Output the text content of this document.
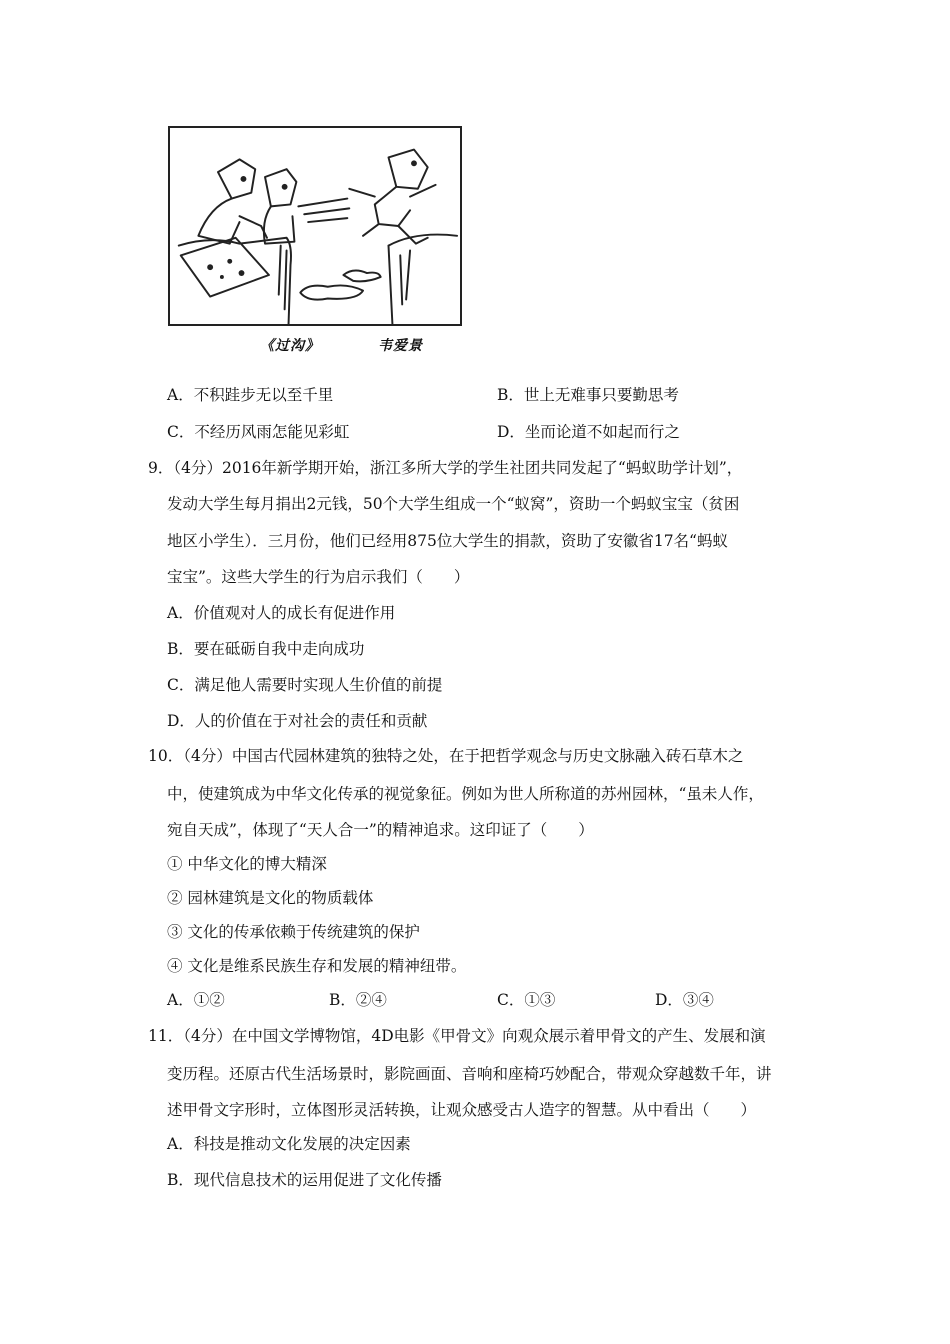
《过沟》	韦爱景
A．不积跬步无以至千里	B．世上无难事只要勤思考
C．不经历风雨怎能见彩虹	D．坐而论道不如起而行之
9．（4分）2016年新学期开始，浙江多所大学的学生社团共同发起了“蚂蚁助学计划”，
发动大学生每月捐出2元钱，50个大学生组成一个“蚁窝”，资助一个蚂蚁宝宝（贫困
地区小学生）．三月份，他们已经用875位大学生的捐款，资助了安徽省17名“蚂蚁
宝宝”。这些大学生的行为启示我们（　　）
A．价值观对人的成长有促进作用
B．要在砥砺自我中走向成功
C．满足他人需要时实现人生价值的前提
D．人的价值在于对社会的责任和贡献
10．（4分）中国古代园林建筑的独特之处，在于把哲学观念与历史文脉融入砖石草木之
中，使建筑成为中华文化传承的视觉象征。例如为世人所称道的苏州园林，“虽未人作，
宛自天成”，体现了“天人合一”的精神追求。这印证了（　　）
① 中华文化的博大精深
② 园林建筑是文化的物质载体
③ 文化的传承依赖于传统建筑的保护
④ 文化是维系民族生存和发展的精神纽带。
A．①②	B．②④	C．①③	D．③④
11．（4分）在中国文学博物馆，4D电影《甲骨文》向观众展示着甲骨文的产生、发展和演
变历程。还原古代生活场景时，影院画面、音响和座椅巧妙配合，带观众穿越数千年，讲
述甲骨文字形时，立体图形灵活转换，让观众感受古人造字的智慧。从中看出（　　）
A．科技是推动文化发展的决定因素
B．现代信息技术的运用促进了文化传播
